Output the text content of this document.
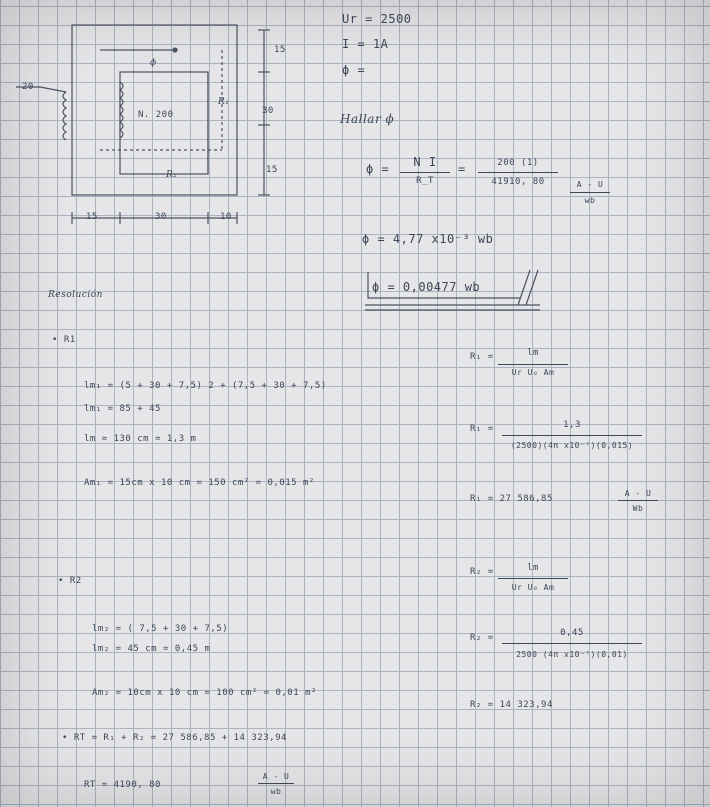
15
30
15
15	30	10
20
ϕ
N. 200
R₁
R₂
Ur = 2500
I = 1A
ϕ =
Hallar ϕ
ϕ =	N I
R_T
=	200 (1)
41910, 80	A - U
wb
ϕ = 4,77 x10⁻³ wb
ϕ = 0,00477 wb
Resolución
• R1
lm₁ = (5 + 30 + 7,5) 2 + (7,5 + 30 + 7,5)
lm₁ = 85 + 45
lm = 130 cm = 1,3 m
Am₁ = 15cm x 10 cm = 150 cm² = 0,015 m²
• R2
lm₂ = ( 7,5 + 30 + 7,5)
lm₂ = 45 cm = 0,45 m
Am₂ = 10cm x 10 cm = 100 cm² = 0,01 m²
• RT = R₁ + R₂ = 27 586,85 + 14 323,94
RT = 4190, 80
A - U
wb
R₁ =	lm
Ur U₀ Am
R₁ =	1,3
(2500)(4π x10⁻⁷)(0,015)
R₁ = 27 586,85
A - U
Wb
R₂ =	lm
Ur U₀ Am
R₂ =	0,45
2500 (4π x10⁻⁷)(0,01)
R₂ = 14 323,94
